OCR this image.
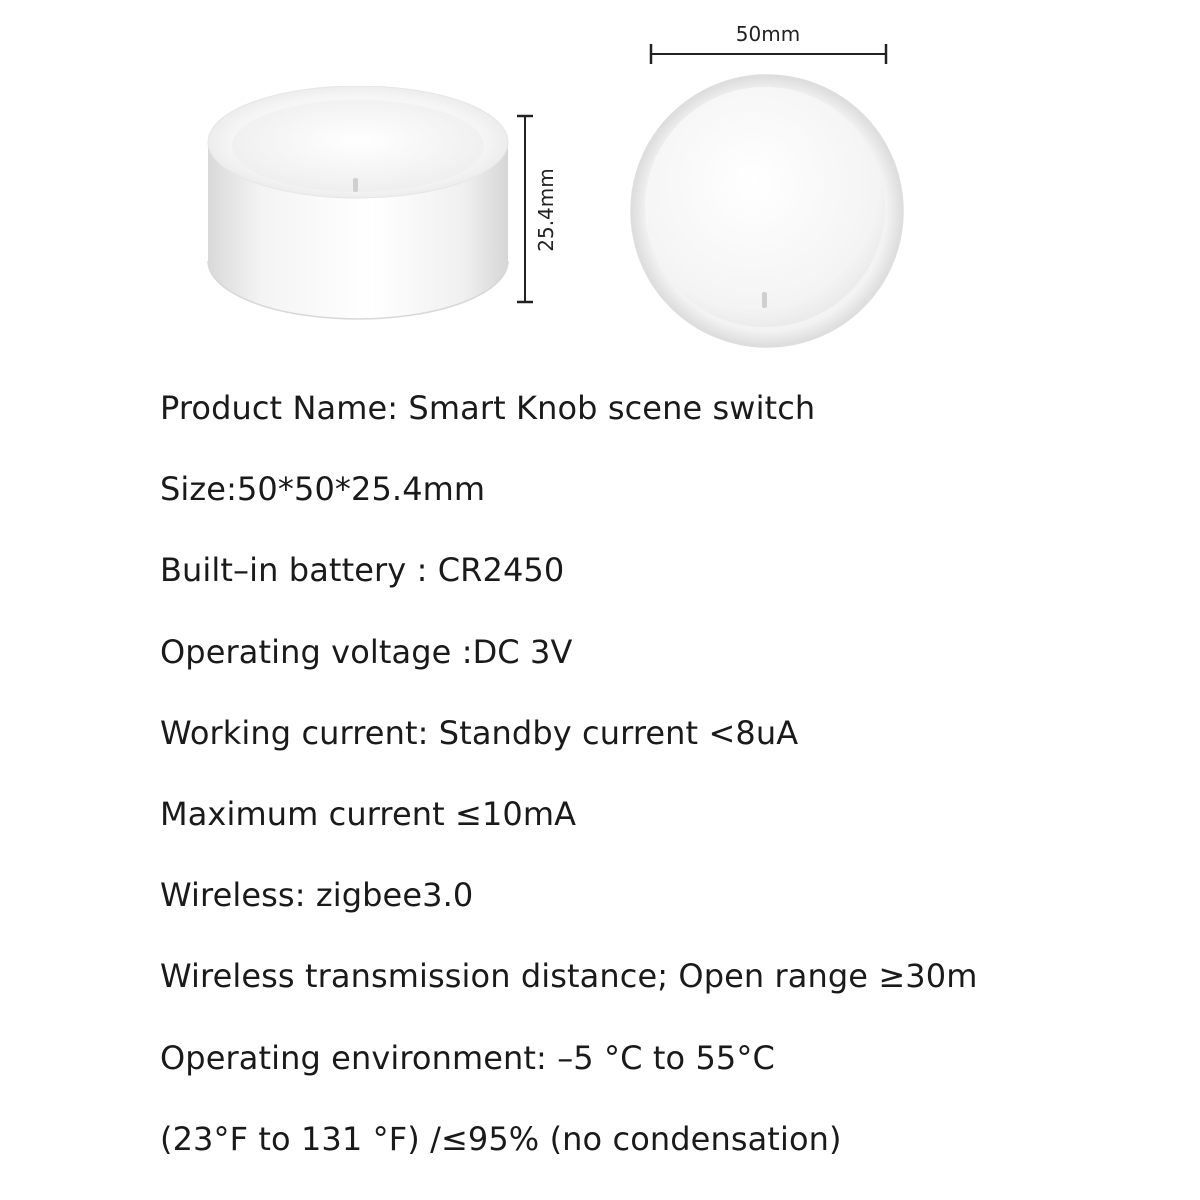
25.4mm
50mm
Product Name: Smart Knob scene switch
Size:50*50*25.4mm
Built–in battery : CR2450
Operating voltage :DC 3V
Working current: Standby current <8uA
Maximum current ≤10mA
Wireless: zigbee3.0
Wireless transmission distance; Open range ≥30m
Operating environment: –5 °C to 55°C
(23°F to 131 °F) /≤95% (no condensation)
